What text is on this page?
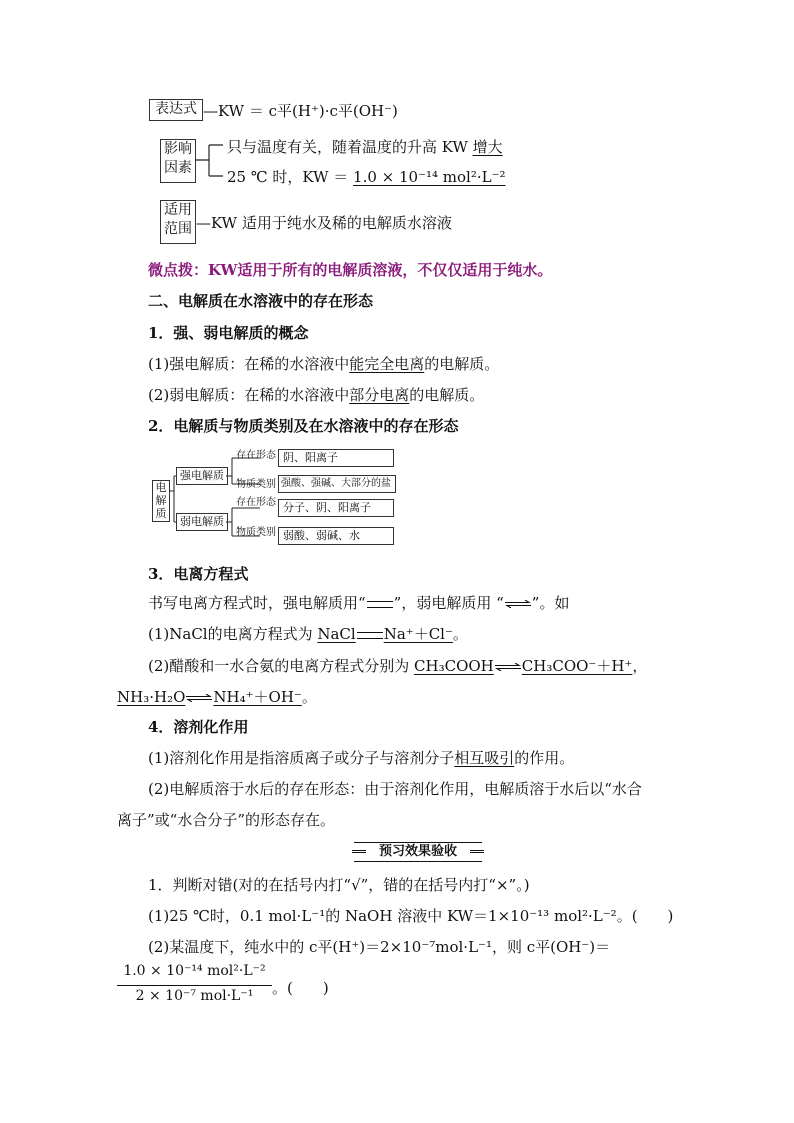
表达式 —KW ＝ c平(H⁺)·c平(OH⁻)
影响
因素
只与温度有关，随着温度的升高 KW 增大
25 ℃ 时，KW ＝ 1.0 × 10⁻¹⁴ mol²·L⁻²
适用
范围 —KW 适用于纯水及稀的电解质水溶液
微点拨：KW适用于所有的电解质溶液，不仅仅适用于纯水。
二、电解质在水溶液中的存在形态
1．强、弱电解质的概念
(1)强电解质：在稀的水溶液中能完全电离的电解质。
(2)弱电解质：在稀的水溶液中部分电离的电解质。
2．电解质与物质类别及在水溶液中的存在形态
电解质
强电解质
弱电解质
存在形态
物质类别
存在形态
物质类别
阴、阳离子
强酸、强碱、大部分的盐
分子、阴、阳离子
弱酸、弱碱、水
3．电离方程式
书写电离方程式时，强电解质用“ ”，弱电解质用 “⇌”。如
(1)NaCl的电离方程式为 NaCl Na⁺＋Cl⁻。
(2)醋酸和一水合氨的电离方程式分别为 CH₃COOH⇌CH₃COO⁻＋H⁺，
NH₃·H₂O⇌NH₄⁺＋OH⁻。
4．溶剂化作用
(1)溶剂化作用是指溶质离子或分子与溶剂分子相互吸引的作用。
(2)电解质溶于水后的存在形态：由于溶剂化作用，电解质溶于水后以“水合
离子”或“水合分子”的形态存在。
预习效果验收
1．判断对错(对的在括号内打“√”，错的在括号内打“×”。)
(1)25 ℃时，0.1 mol·L⁻¹的 NaOH 溶液中 KW＝1×10⁻¹³ mol²·L⁻²。(　　)
(2)某温度下，纯水中的 c平(H⁺)＝2×10⁻⁷mol·L⁻¹，则 c平(OH⁻)＝
1.0 × 10⁻¹⁴ mol²·L⁻²
2 × 10⁻⁷ mol·L⁻¹	。(　　)
